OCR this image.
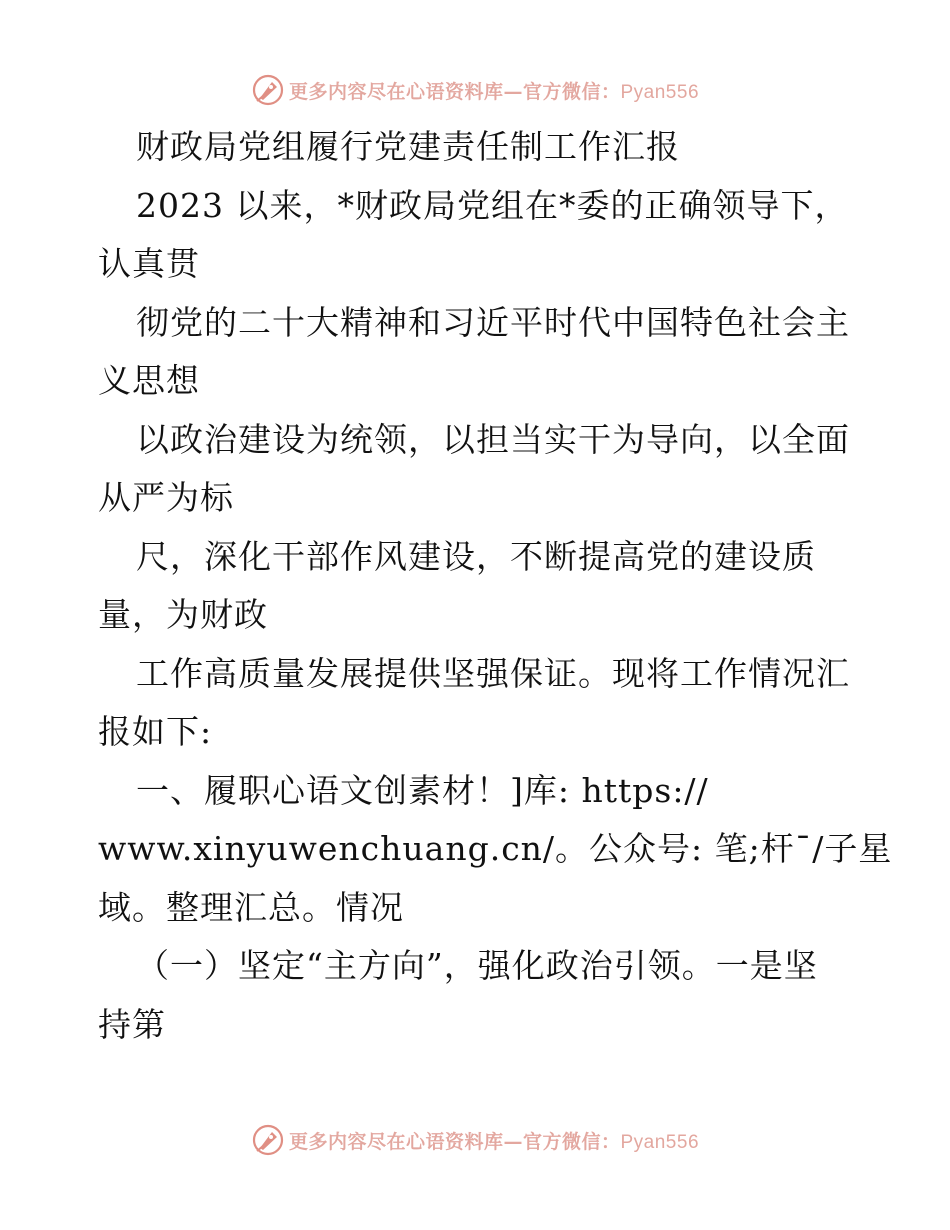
更多内容尽在心语资料库—官方微信：Pyan556
财政局党组履行党建责任制工作汇报
2023 以来，*财政局党组在*委的正确领导下，
认真贯
彻党的二十大精神和习近平时代中国特色社会主
义思想
以政治建设为统领，以担当实干为导向，以全面
从严为标
尺，深化干部作风建设，不断提高党的建设质
量，为财政
工作高质量发展提供坚强保证。现将工作情况汇
报如下:
一、履职心语文创素材！]库: https://
www.xinyuwenchuang.cn/。公众号: 笔;杆¯/子星
域。整理汇总。情况
（一）坚定“主方向”，强化政治引领。一是坚
持第
更多内容尽在心语资料库—官方微信：Pyan556
